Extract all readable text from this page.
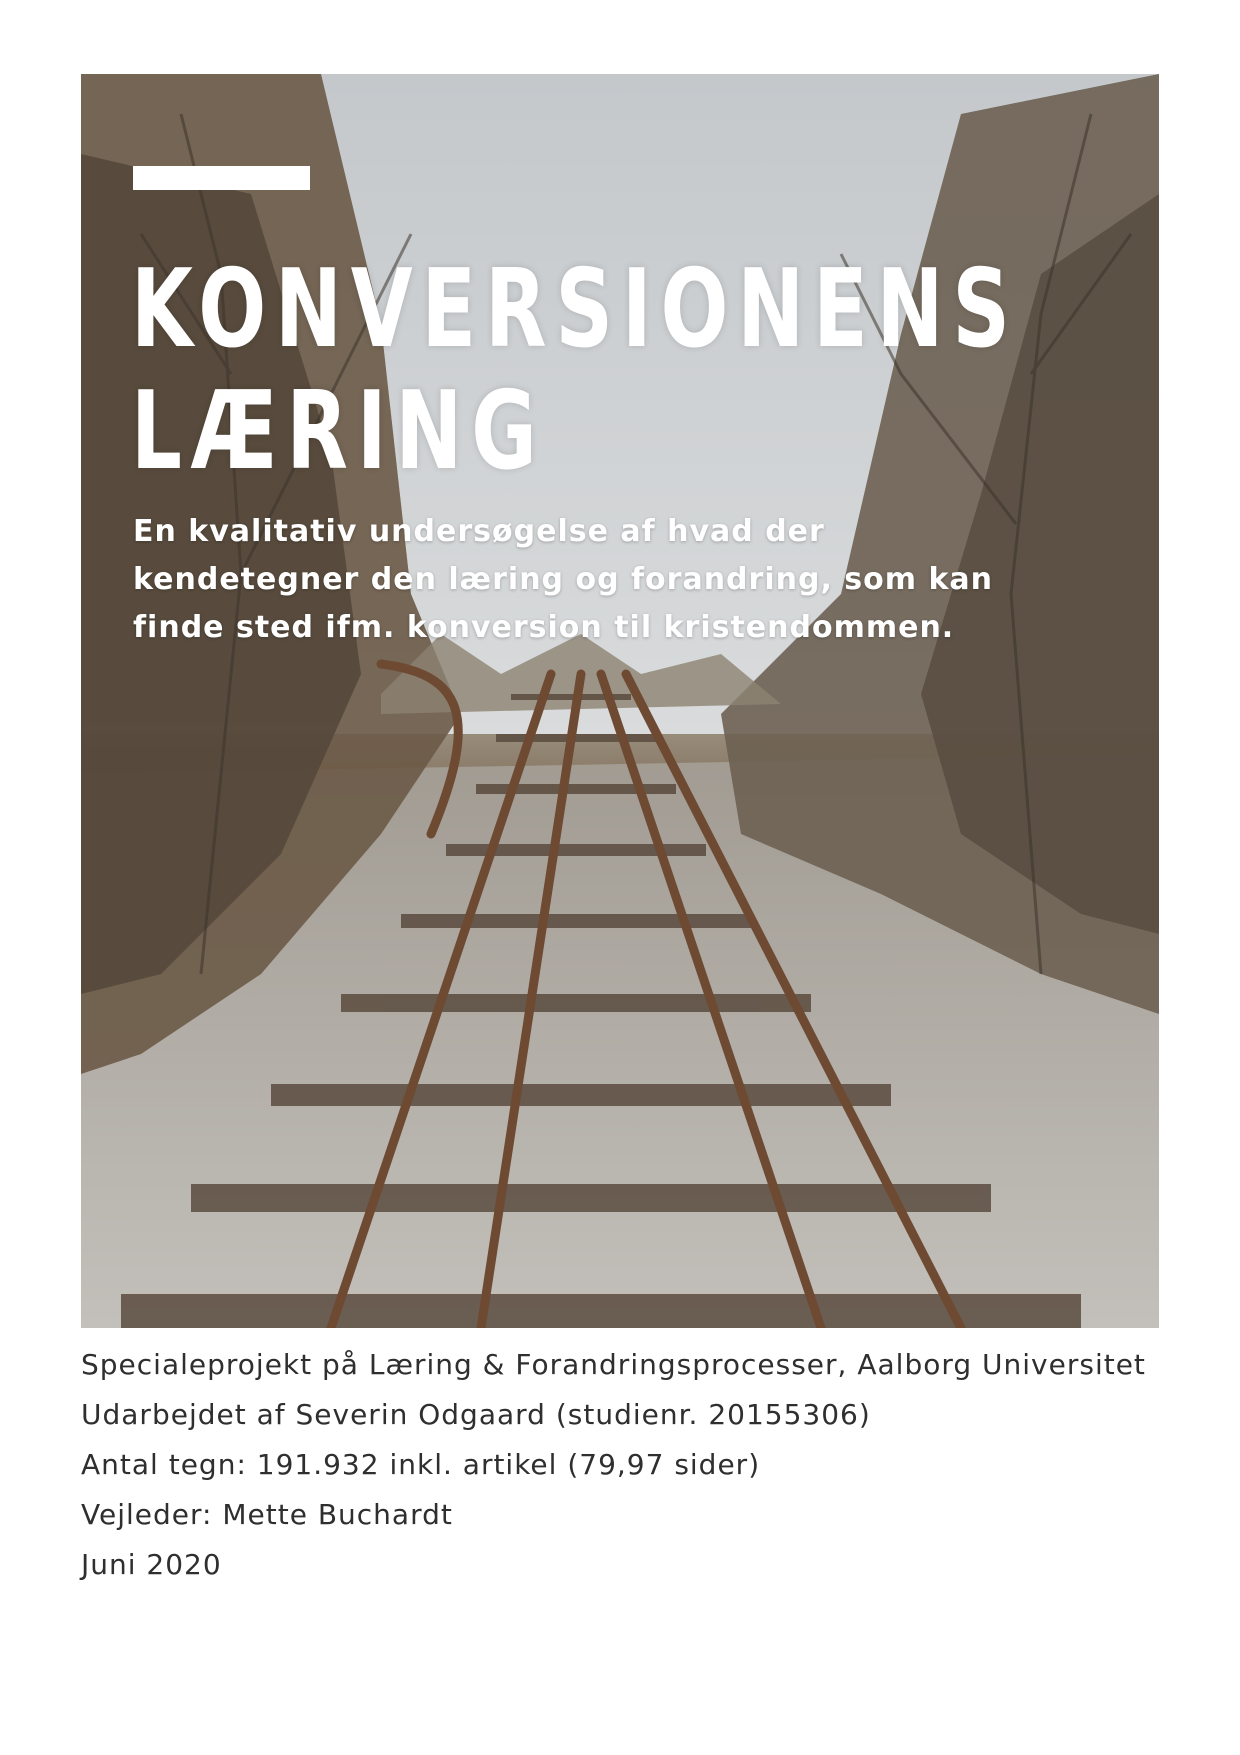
KONVERSIONENS
LÆRING

En kvalitativ undersøgelse af hvad der
kendetegner den læring og forandring, som kan
finde sted ifm. konversion til kristendommen.

Specialeprojekt på Læring & Forandringsprocesser, Aalborg Universitet
Udarbejdet af Severin Odgaard (studienr. 20155306)
Antal tegn: 191.932 inkl. artikel (79,97 sider)
Vejleder: Mette Buchardt
Juni 2020
